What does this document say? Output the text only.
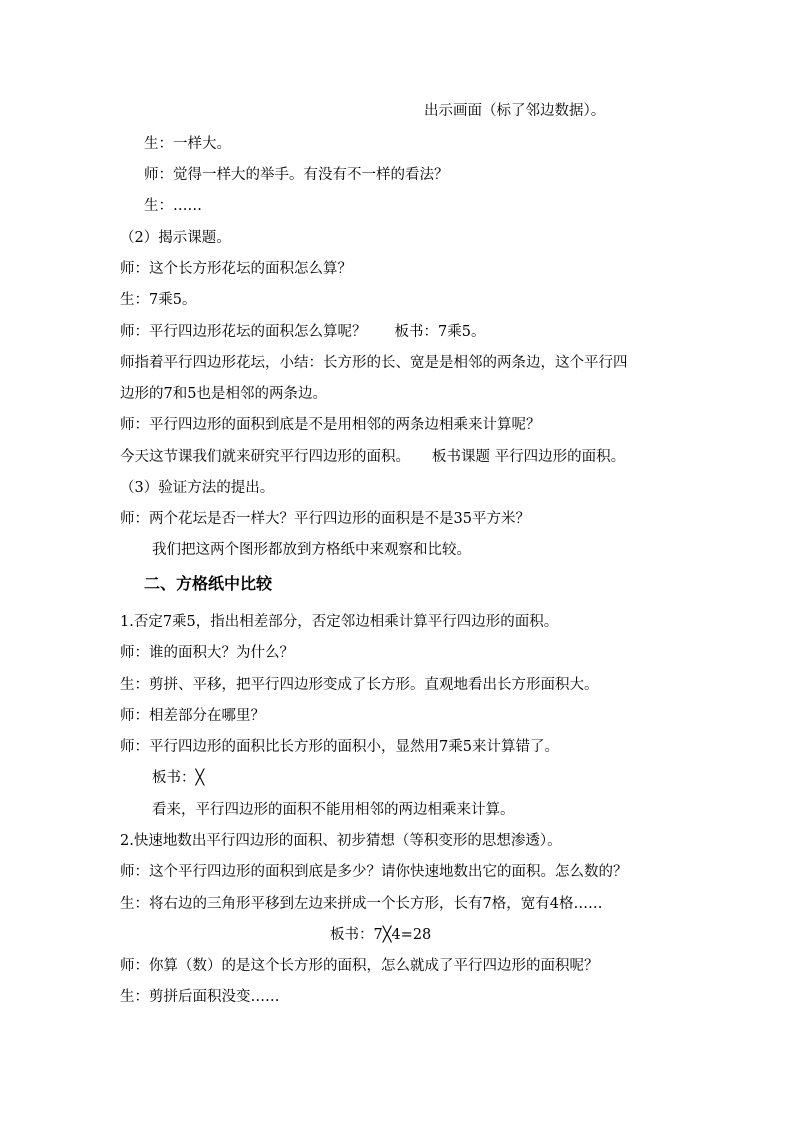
出示画面（标了邻边数据）。
生：一样大。
师：觉得一样大的举手。有没有不一样的看法？
生：……
（2）揭示课题。
师：这个长方形花坛的面积怎么算？
生：7乘5。
师：平行四边形花坛的面积怎么算呢？ 板书：7乘5。
师指着平行四边形花坛，小结：长方形的长、宽是是相邻的两条边，这个平行四
边形的7和5也是相邻的两条边。
师：平行四边形的面积到底是不是用相邻的两条边相乘来计算呢？
今天这节课我们就来研究平行四边形的面积。 板书课题 平行四边形的面积。
（3）验证方法的提出。
师：两个花坛是否一样大？平行四边形的面积是不是35平方米？
我们把这两个图形都放到方格纸中来观察和比较。
二、方格纸中比较
1.否定7乘5，指出相差部分，否定邻边相乘计算平行四边形的面积。
师：谁的面积大？为什么？
生：剪拼、平移，把平行四边形变成了长方形。直观地看出长方形面积大。
师：相差部分在哪里？
师：平行四边形的面积比长方形的面积小，显然用7乘5来计算错了。
板书：╳
看来，平行四边形的面积不能用相邻的两边相乘来计算。
2.快速地数出平行四边形的面积、初步猜想（等积变形的思想渗透）。
师：这个平行四边形的面积到底是多少？请你快速地数出它的面积。怎么数的？
生：将右边的三角形平移到左边来拼成一个长方形，长有7格，宽有4格……
板书：7╳4=28
师：你算（数）的是这个长方形的面积，怎么就成了平行四边形的面积呢？
生：剪拼后面积没变……
